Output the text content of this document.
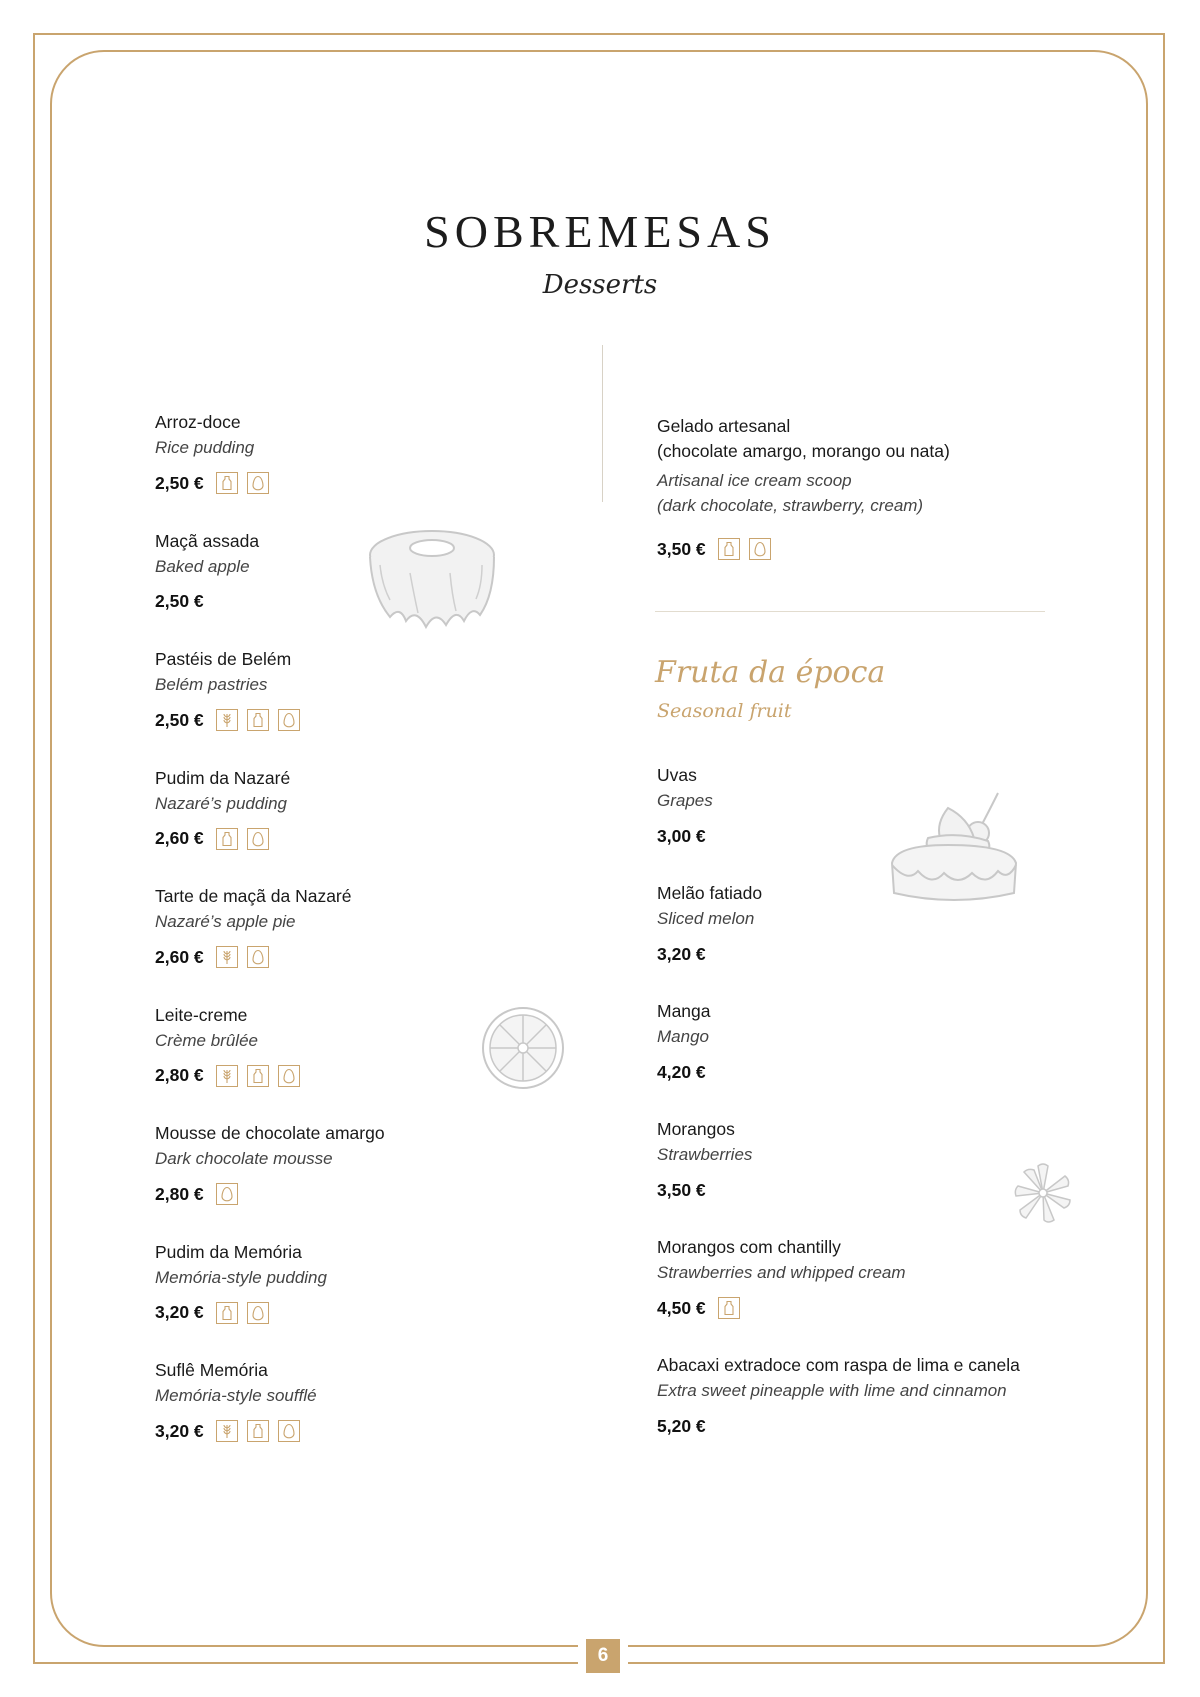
6
SOBREMESAS
Desserts
Arroz-doce
Rice pudding
2,50 €
Maçã assada
Baked apple
2,50 €
Pastéis de Belém
Belém pastries
2,50 €
Pudim da Nazaré
Nazaré’s pudding
2,60 €
Tarte de maçã da Nazaré
Nazaré’s apple pie
2,60 €
Leite-creme
Crème brûlée
2,80 €
Mousse de chocolate amargo
Dark chocolate mousse
2,80 €
Pudim da Memória
Memória-style pudding
3,20 €
Suflê Memória
Memória-style soufflé
3,20 €
Gelado artesanal
(chocolate amargo, morango ou nata)
Artisanal ice cream scoop
(dark chocolate, strawberry, cream)
3,50 €
Fruta da época
Seasonal fruit
Uvas
Grapes
3,00 €
Melão fatiado
Sliced melon
3,20 €
Manga
Mango
4,20 €
Morangos
Strawberries
3,50 €
Morangos com chantilly
Strawberries and whipped cream
4,50 €
Abacaxi extradoce com raspa de lima e canela
Extra sweet pineapple with lime and cinnamon
5,20 €
